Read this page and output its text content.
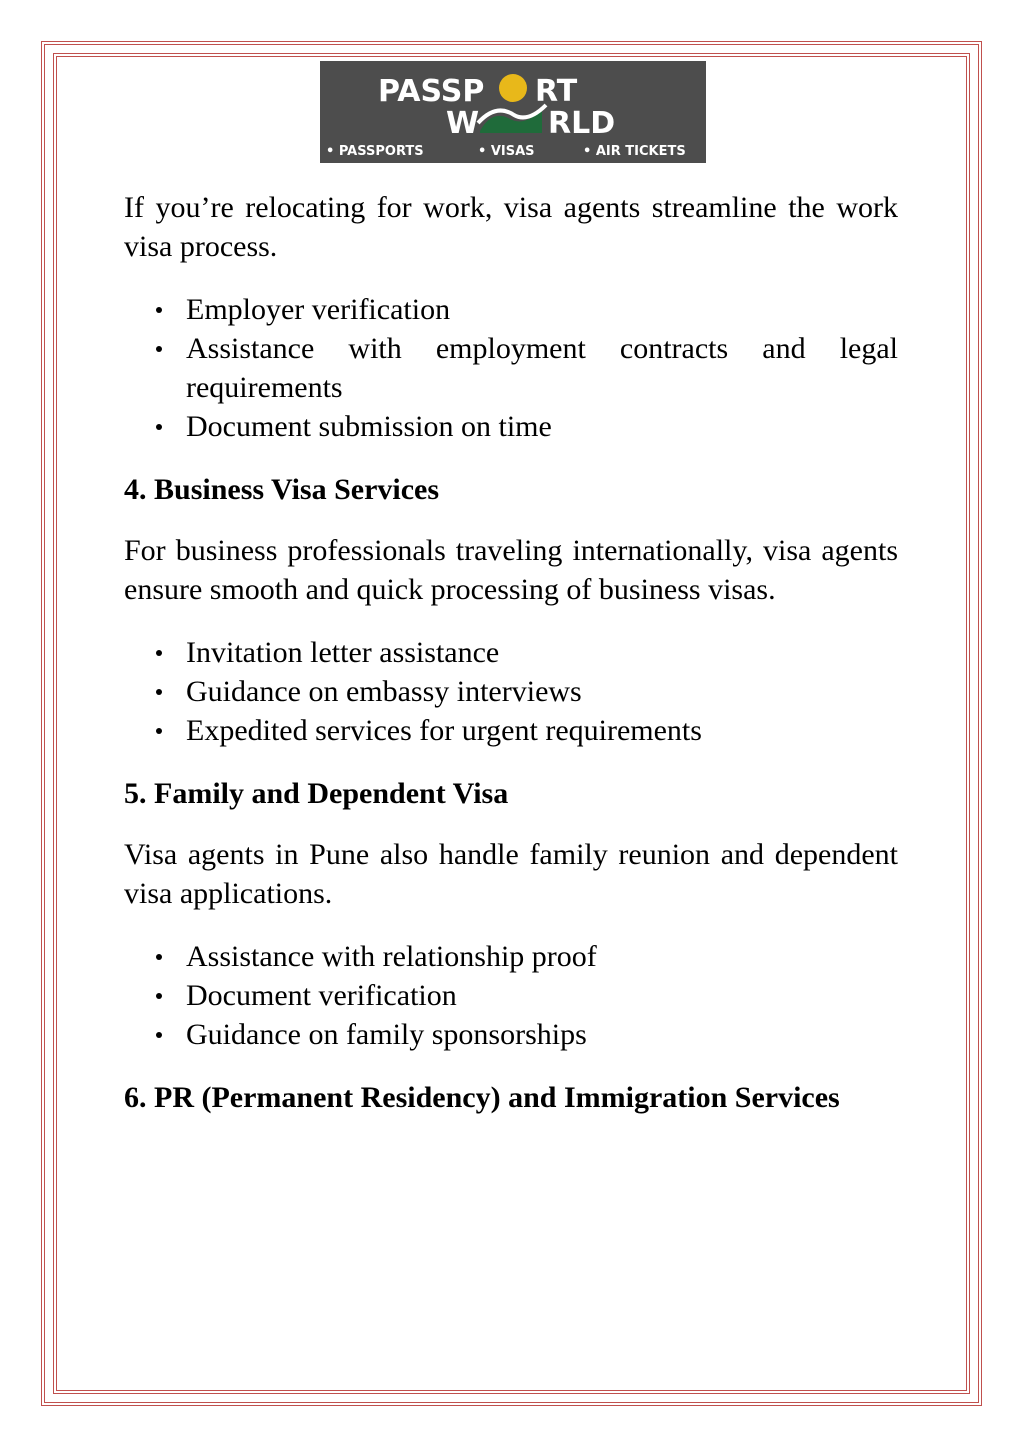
PASSP RT
W RLD
• PASSPORTS	• VISAS	• AIR TICKETS

If you’re relocating for work, visa agents streamline the work visa process.

Employer verification
Assistance with employment contracts and legal requirements
Document submission on time

4. Business Visa Services

For business professionals traveling internationally, visa agents ensure smooth and quick processing of business visas.

Invitation letter assistance
Guidance on embassy interviews
Expedited services for urgent requirements

5. Family and Dependent Visa

Visa agents in Pune also handle family reunion and dependent visa applications.

Assistance with relationship proof
Document verification
Guidance on family sponsorships

6. PR (Permanent Residency) and Immigration Services
